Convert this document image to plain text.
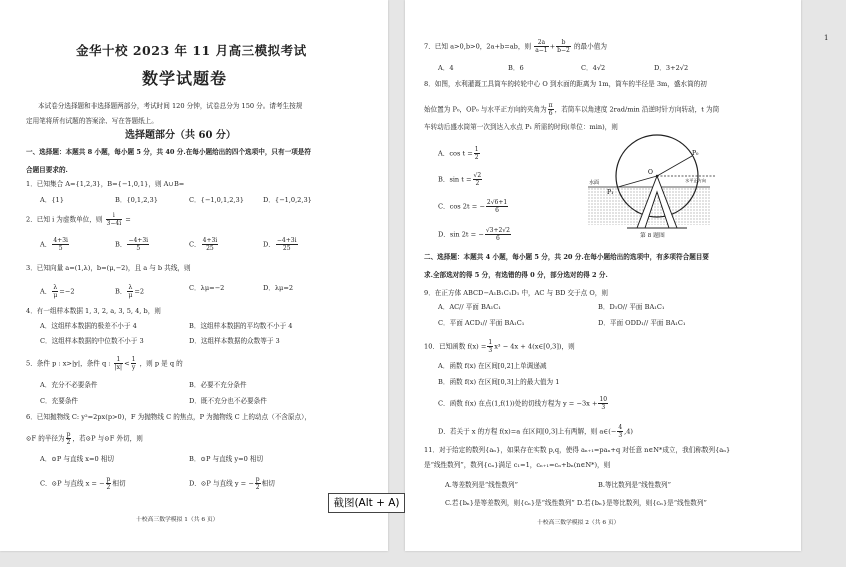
金华十校 2023 年 11 月高三模拟考试
数学试题卷
本试卷分选择题和非选择题两部分，考试时间 120 分钟，试卷总分为 150 分。请考生按规
定用笔将所有试题的答案涂、写在答题纸上。
选择题部分（共 60 分）
一、选择题：本题共 8 小题，每小题 5 分，共 40 分.在每小题给出的四个选项中，只有一项是符
合题目要求的.
1．已知集合 A={1,2,3}，B={−1,0,1}，则 A∪B=
A．{1}	B．{0,1,2,3}	C．{−1,0,1,2,3}	D．{−1,0,2,3}
2．已知 i 为虚数单位，则 $\frac{i}{3-4i}$ =
A． $\frac{4+3i}{5}$	B． $\frac{-4+3i}{5}$	C． $\frac{4+3i}{25}$	D． $\frac{-4+3i}{25}$
3．已知向量 a=(1,λ)，b=(μ,−2)，且 a 与 b 共线，则
A． $\frac{\lambda}{\mu} =-2$	B． $\frac{\lambda}{\mu} =2$	C．λμ=−2	D．λμ=2
4．有一组样本数据 1, 3, 2, a, 3, 5, 4, b，则
A．这组样本数据的极差不小于 4	B．这组样本数据的平均数不小于 4
C．这组样本数据的中位数不小于 3	D．这组样本数据的众数等于 3
5．条件 p : x>|y|，条件 q : $\frac{1}{|x|} < \frac{1}{y}$ ，则 p 是 q 的
A．充分不必要条件	B．必要不充分条件
C．充要条件	D．既不充分也不必要条件
6．已知抛物线 C: y²=2px(p>0)，F 为抛物线 C 的焦点，P 为抛物线 C 上的动点（不含原点），
⊙F 的半径为 $\frac{p}{2}$ ，若⊙P 与⊙F 外切，则
A．⊙P 与直线 x=0 相切	B．⊙P 与直线 y=0 相切
C．⊙P 与直线 x = − $\frac{p}{2}$ 相切	D．⊙P 与直线 y = − $\frac{p}{2}$ 相切
十校高三数学模拟 1（共 6 页）
7．已知 a>0,b>0，2a+b=ab，则 $\frac{2a}{a-1} + \frac{b}{b-2}$ 的最小值为
A．4	B．6	C．4√2	D．3+2√2
8．如图，水利灌溉工具筒车的转轮中心 O 到水面的距离为 1m，筒车的半径是 3m，盛水筒的初
始位置为 P₀，OP₀ 与水平正方向的夹角为 $\frac{\pi}{6}$ ，若筒车以角速度 2rad/min 沿逆时针方向转动，t 为筒
车转动后盛水筒第一次到达入水点 P₁ 所需的时间(单位：min)，则
A．$\cos t = \frac{1}{2}$
B．$\sin t = \frac{√2}{2}$
C．cos 2t = − $\frac{2√6+1}{6}$
D．sin 2t = − $\frac{√3+2√2}{6}$
O
P₀
P₁
水面	水平正方向
第 8 题图
二、选择题：本题共 4 小题，每小题 5 分，共 20 分.在每小题给出的选项中，有多项符合题目要
求.全部选对的得 5 分，有选错的得 0 分，部分选对的得 2 分.
9．在正方体 ABCD−A₁B₁C₁D₁ 中，AC 与 BD 交于点 O，则
A．AC// 平面 BA₁C₁	B．D₁O// 平面 BA₁C₁
C．平面 ACD₁// 平面 BA₁C₁	D．平面 ODD₁// 平面 BA₁C₁
10．已知函数 $f(x) = \frac{1}{3} x^3 - 4x$ + 4(x∈[0,3])，则
A．函数 f(x) 在区间[0,2]上单调递减
B．函数 f(x) 在区间[0,3]上的最大值为 1
C．函数 f(x) 在点(1,f(1))处的切线方程为 $y = -3x + \frac{10}{3}$
D．若关于 x 的方程 f(x)=a 在区间[0,3]上有两解，则 a∈(− $\frac{4}{3} ,4$)
11．对于给定的数列{aₙ}，如果存在实数 p,q，使得 aₙ₊₁=paₙ+q 对任意 n∈N*成立，我们称数列{aₙ}
是“线性数列”，数列{cₙ}满足 c₁=1，cₙ₊₁=cₙ+bₙ(n∈N*)，则
A.等差数列是“线性数列”	B.等比数列是“线性数列”
C.若{bₙ}是等差数列，则{cₙ}是“线性数列” D.若{bₙ}是等比数列，则{cₙ}是“线性数列”
十校高三数学模拟 2（共 6 页）
1
截图(Alt + A)
